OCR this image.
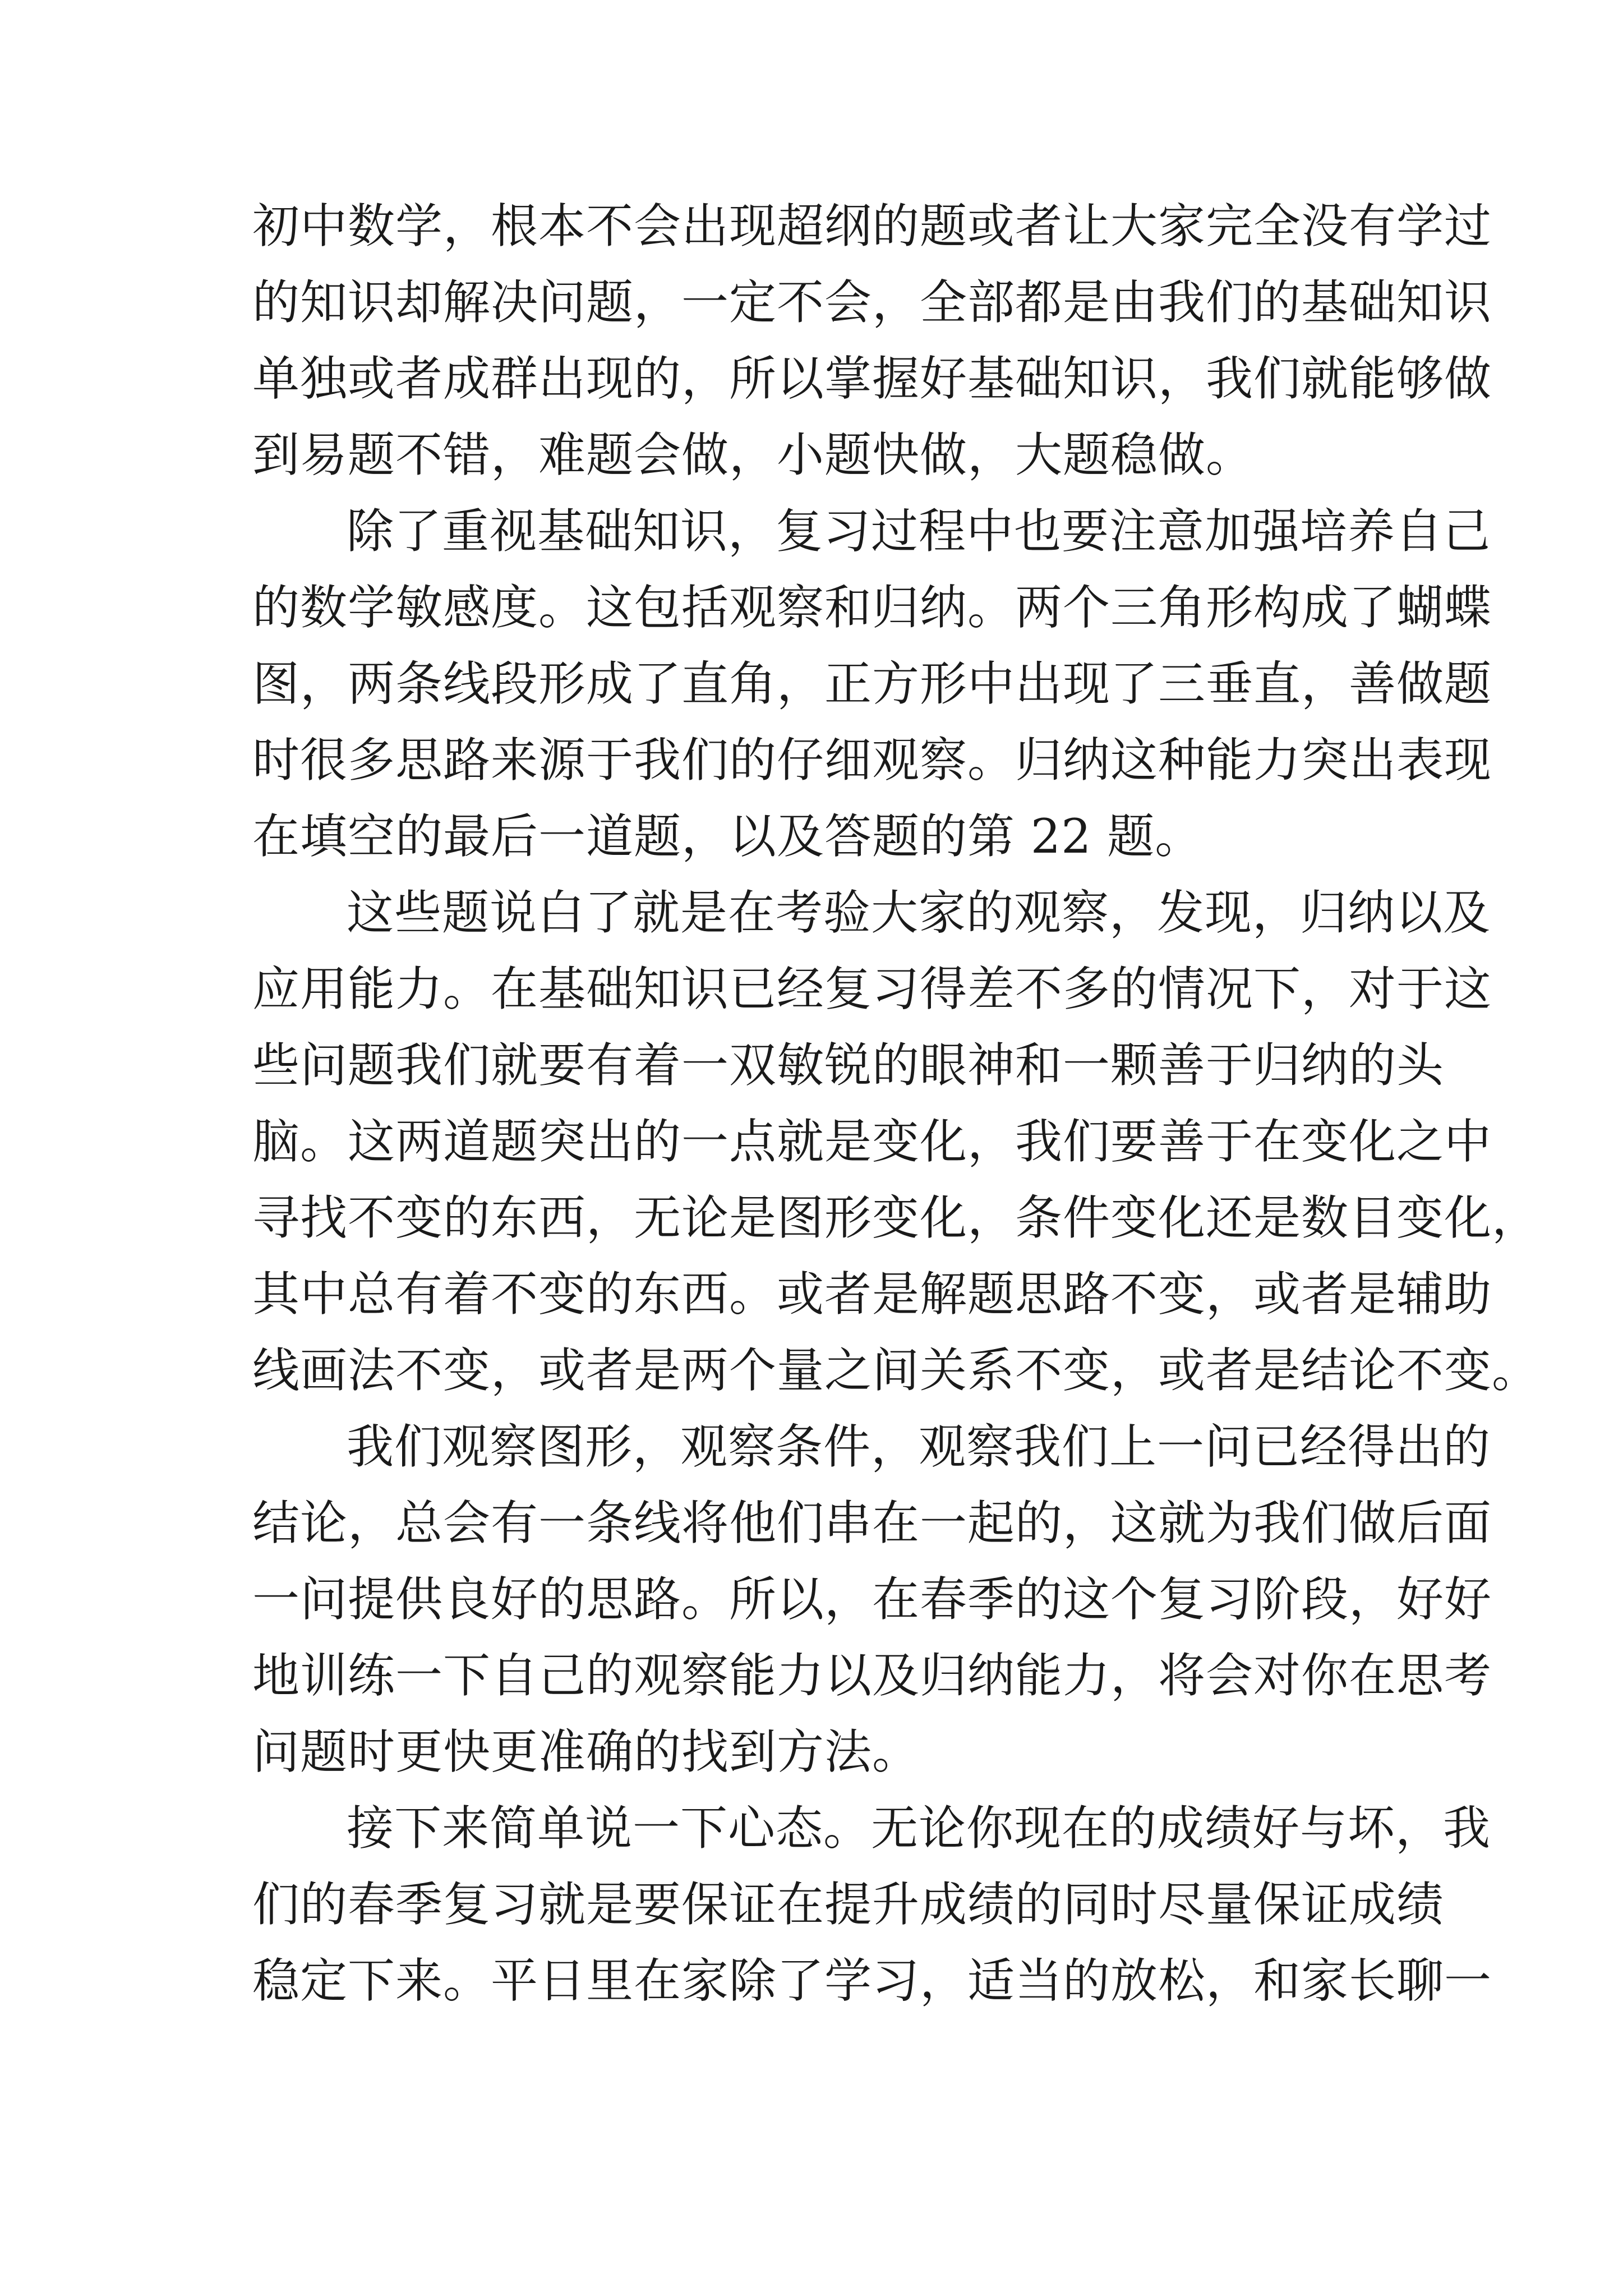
初中数学，根本不会出现超纲的题或者让大家完全没有学过
的知识却解决问题，一定不会，全部都是由我们的基础知识
单独或者成群出现的，所以掌握好基础知识，我们就能够做
到易题不错，难题会做，小题快做，大题稳做。
除了重视基础知识，复习过程中也要注意加强培养自己
的数学敏感度。这包括观察和归纳。两个三角形构成了蝴蝶
图，两条线段形成了直角，正方形中出现了三垂直，善做题
时很多思路来源于我们的仔细观察。归纳这种能力突出表现
在填空的最后一道题，以及答题的第 22 题。
这些题说白了就是在考验大家的观察，发现，归纳以及
应用能力。在基础知识已经复习得差不多的情况下，对于这
些问题我们就要有着一双敏锐的眼神和一颗善于归纳的头
脑。这两道题突出的一点就是变化，我们要善于在变化之中
寻找不变的东西，无论是图形变化，条件变化还是数目变化，
其中总有着不变的东西。或者是解题思路不变，或者是辅助
线画法不变，或者是两个量之间关系不变，或者是结论不变。
我们观察图形，观察条件，观察我们上一问已经得出的
结论，总会有一条线将他们串在一起的，这就为我们做后面
一问提供良好的思路。所以，在春季的这个复习阶段，好好
地训练一下自己的观察能力以及归纳能力，将会对你在思考
问题时更快更准确的找到方法。
接下来简单说一下心态。无论你现在的成绩好与坏，我
们的春季复习就是要保证在提升成绩的同时尽量保证成绩
稳定下来。平日里在家除了学习，适当的放松，和家长聊一
